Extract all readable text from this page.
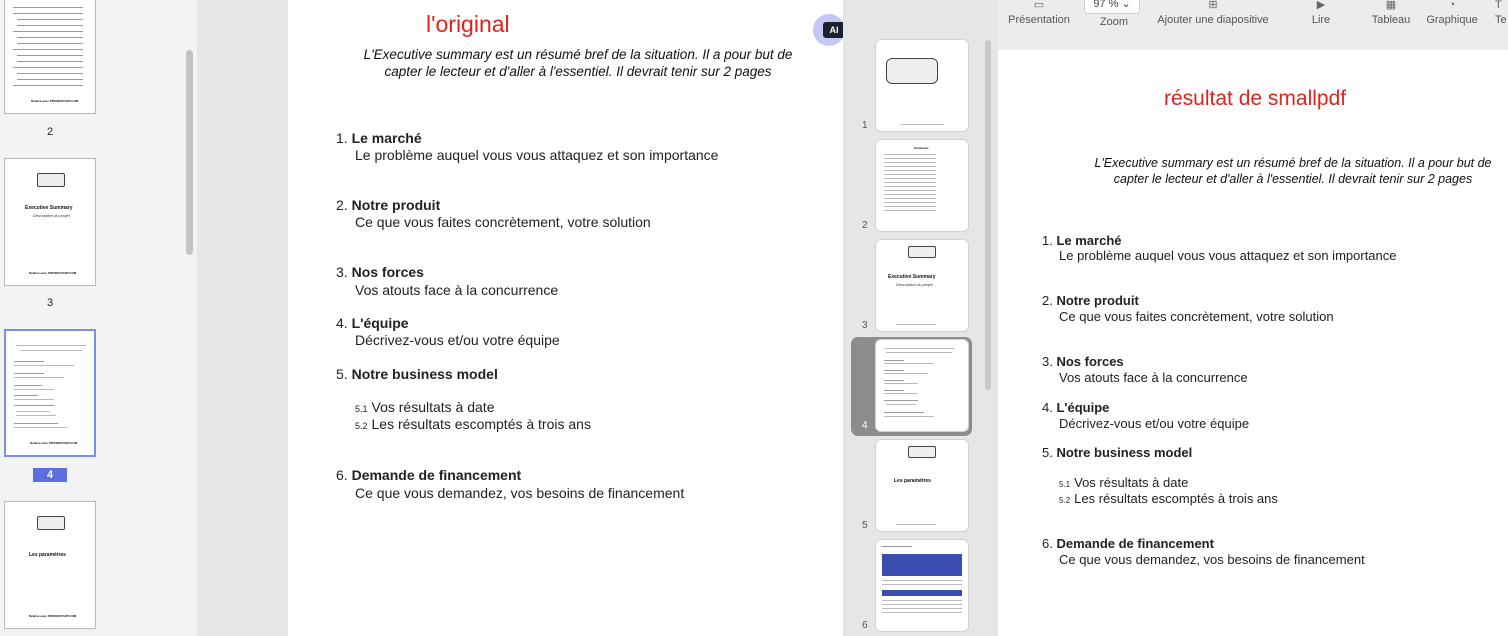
Réalisé avec PRIXDESTART.COM
2
Executive Summary
Description du projet
Réalisé avec PRIXDESTART.COM
3
Réalisé avec PRIXDESTART.COM
4
Les paramètres
Réalisé avec PRIXDESTART.COM
l'original
L'Executive summary est un résumé bref de la situation. Il a pour but de
capter le lecteur et d'aller à l'essentiel. Il devrait tenir sur 2 pages
1. Le marché
Le problème auquel vous vous attaquez et son importance
2. Notre produit
Ce que vous faites concrètement, votre solution
3. Nos forces
Vos atouts face à la concurrence
4. L'équipe
Décrivez-vous et/ou votre équipe
5. Notre business model
5.1 Vos résultats à date
5.2 Les résultats escomptés à trois ans
6. Demande de financement
Ce que vous demandez, vos besoins de financement
AI
1
Sommaire
2
Executive Summary
Description du projet
3
4
Les paramètres
5
6
▭
Présentation
97 % ⌄
Zoom
⊞
Ajouter une diapositive
▶
Lire
▦
Tableau
◔
Graphique
T
Te
résultat de smallpdf
L'Executive summary est un résumé bref de la situation. Il a pour but de
capter le lecteur et d'aller à l'essentiel. Il devrait tenir sur 2 pages
1. Le marché
Le problème auquel vous vous attaquez et son importance
2. Notre produit
Ce que vous faites concrètement, votre solution
3. Nos forces
Vos atouts face à la concurrence
4. L'équipe
Décrivez-vous et/ou votre équipe
5. Notre business model
5.1 Vos résultats à date
5.2 Les résultats escomptés à trois ans
6. Demande de financement
Ce que vous demandez, vos besoins de financement
